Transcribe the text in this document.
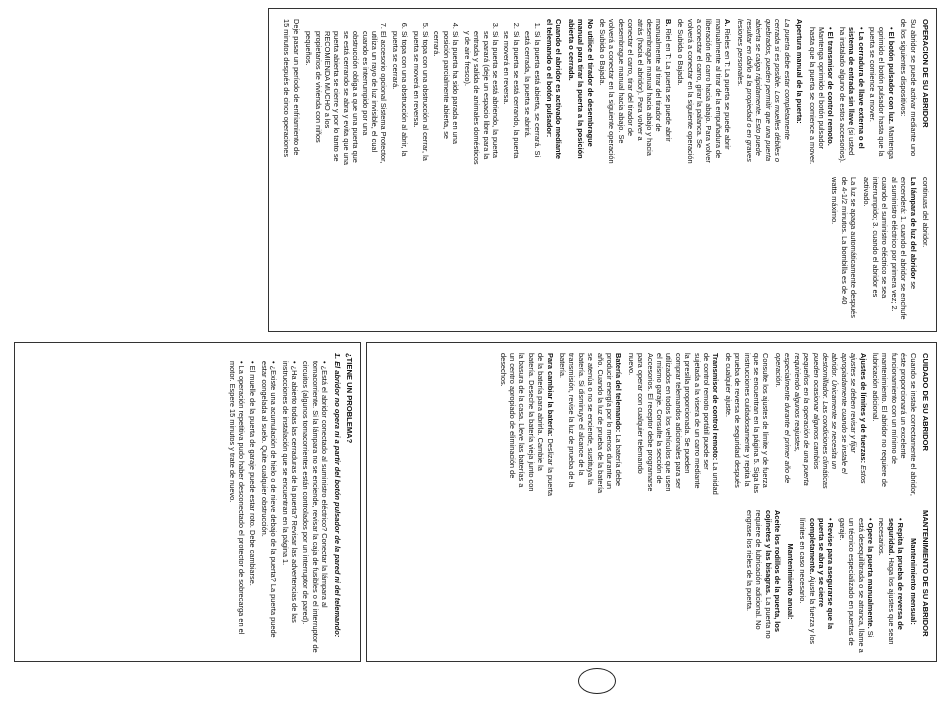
OPERACION DE SU ABRIDOR

Su abridor se puede activar mediante uno de los siguientes dispositivos:

• El botón pulsador con luz. Mantenga oprimido el botón pulsador hasta que la puerta se comience a mover.
• La cerradura de llave externa o el sistema de entrada sin llave (si usted ha instalado alguno de estos accesorios).
• El transmisor de control remoto. Mantenga oprimido el botón pulsador hasta que la puerta se comience a mover.

Apertura manual de la puerta:

La puerta debe estar completamente cerrada si es posible. Los muelles débiles o quebrados, pueden permitir que una puerta abierta se caiga rápidamente. Esto puede resultar en daño a la propiedad o en graves lesiones personales.

A. Rieles en T: La puerta se puede abrir manualmente al tirar de la empuñadura de liberación del carro hacia abajo. Para volver a conectar el carro, girar la palanca. Se volverá a conectar en la siguiente operación de Subida o Bajada.

B. Riel en T: La puerta se puede abrir manualmente al tirar del tirador de desembrague manual hacia abajo y hacia atrás (hacia el abridor). Para volver a conectar el carro, tirar del tirador de desembrague manual hacia abajo. Se volverá a conectar en la siguiente operación de Subida o Bajada.

No utilice el tirador de desembrague manual para tirar la puerta a la posición abierta o cerrada.

Cuando el abridor es activado mediante el telemando o el botón pulsador:

1. Si la puerta está abierta, se cerrará. Si está cerrada, la puerta se abrirá.
2. Si la puerta se está cerrando, la puerta se moverá en reversa.
3. Si la puerta se está abriendo, la puerta se parará (deje un espacio libre para la entrada y salida de animales domésticos y de aire fresco).
4. Si la puerta ha sido parada en una posición parcialmente abierta, se cerrará.
5. Si topa con una obstrucción al cerrar, la puerta se moverá en reversa.
6. Si topa con una obstrucción al abrir, la puerta se cerrará.
7. El accesorio opcional Sistema Protector, utiliza un rayo de luz invisible, el cual cuando es interrumpido por una obstrucción obliga a que una puerta que se está cerrando se abra y evita que una puerta abierta se cierre y por lo tanto se RECOMIENDA MUCHO a los propietarios de vivienda con niños pequeños.

Deje pasar un período de enfriamiento de 15 minutos después de cinco operaciones continuas del abridor.

La lámpara de luz del abridor se encenderá: 1. cuando el abridor se enchufe al suministro eléctrico por primera vez; 2. cuando el suministro eléctrico se sea interrumpido; 3. cuando el abridor es activado.

La luz se apaga automáticamente después de 4-1/2 minutos. La bombilla es de 40 watts máximo.

CUIDADO DE SU ABRIDOR

Cuando se instale correctamente el abridor, éste proporcionará un excelente funcionamiento con un mínimo de mantenimiento. El abridor no requiere de lubricación adicional.

Ajustes de límites y de fuerzas: Estos ajustes se deben revisar y fijar apropiadamente cuando se instale el abridor. Únicamente se necesita un destornillador. Las condiciones climáticas pueden ocasionar algunos cambios pequeños en la operación de una puerta requiriendo algunos reajustes, especialmente durante el primer año de operación.

Consulte los ajustes de límite y de fuerza que se encuentran en la página 5. Siga las instrucciones cuidadosamente y repita la prueba de reversa de seguridad después de cualquier ajuste.

Transmisor de control remoto: La unidad de control remoto portátil puede ser sujetada a la visera de un carro mediante la presilla proporcionada. Se pueden comprar telemandos adicionales para ser utilizados en todos los vehículos que usen el mismo garaje. Consulte la sección de Accesorios. El receptor debe programarse para operar con cualquier telemando nuevo.

Batería del telemando: La batería debe producir energía por lo menos durante un año. Cuando la luz de prueba de la batería se atenúa o no se enciende, sustituya la batería. Si disminuye el alcance de la transmisión, revise la luz de prueba de la batería.

Para cambiar la batería: Deslizar la puerta de la batería para abrirla. Cambie la batería. Deseche la batería vieja junto con la basura de la casa. Lleve las baterías a un centro apropiado de eliminación de desechos.

MANTENIMIENTO DE SU ABRIDOR

Mantenimiento mensual:

• Repita la prueba de reversa de seguridad. Haga los ajustes que sean necesarios.
• Opere la puerta manualmente. Si está desequilibrada o se atranca, llame a un técnico especializado en puertas de garaje.
• Revise para asegurarse que la puerta se abra y se cierre completamente. Ajuste la fuerza y los límites en caso necesario.

Mantenimiento anual:

Aceite los rodillos de la puerta, los cojinetes y las bisagras. La puerta no requiere de lubricación adicional. No engrase los rieles de la puerta.

¿TIENE UN PROBLEMA?

1. El abridor no opera ni a partir del botón pulsador de la pared ni del telemando:

• ¿Está el abridor conectado al suministro eléctrico? Conectar la lámpara al tomacorriente. Si la lámpara no se enciende, revisar la caja de fusibles o el interruptor de circuitos (algunos tomacorrientes están controlados por un interruptor de pared).
• ¿Ha abierto todas las cerraduras de la puerta? Revisar las advertencias de las instrucciones de instalación que se encuentran en la página 1.
• ¿Existe una acumulación de hielo o de nieve debajo de la puerta? La puerta puede estar congelada al suelo. Quite cualquier obstrucción.
• El muelle de la puerta de garaje puede estar roto. Debe cambiarse.
• La operación repetitiva pudo haber desconectado el protector de sobrecarga en el motor. Espere 15 minutos y trate de nuevo.
